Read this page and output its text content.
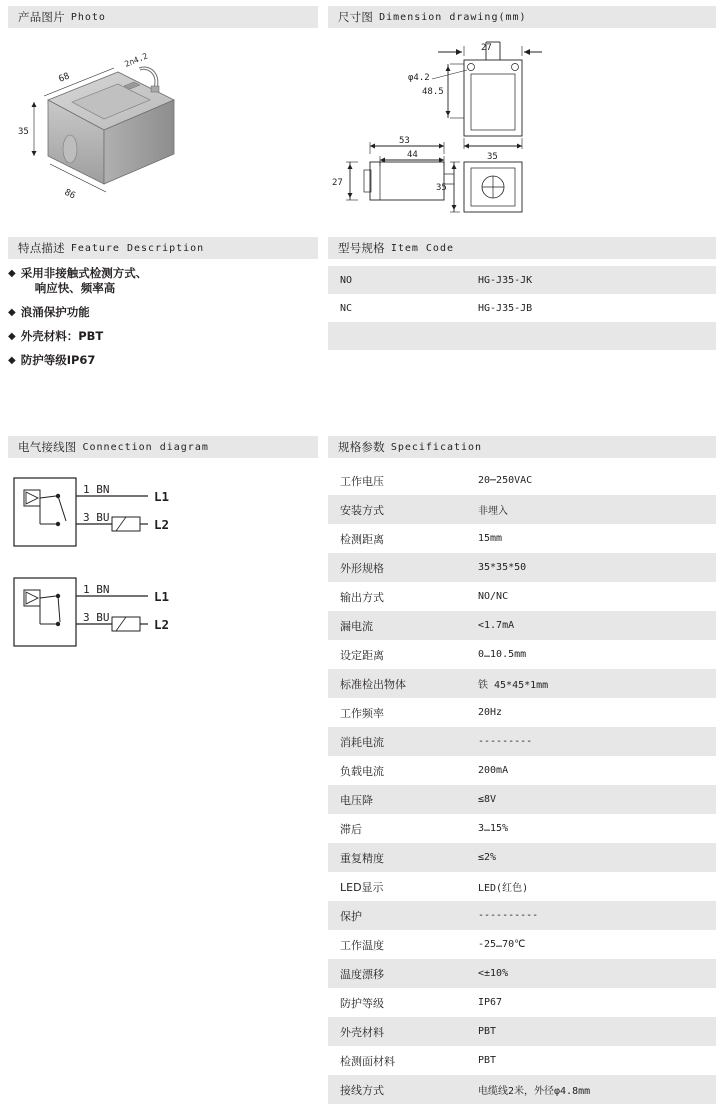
产品图片 Photo	尺寸图 Dimension drawing(mm)
68
2∩4.2
35
86
27
φ4.2
48.5
53
44
27
35
35
特点描述 Feature Description	型号规格 Item Code
◆ 采用非接触式检测方式、
响应快、频率高
◆ 浪涌保护功能
◆ 外壳材料：PBT
◆ 防护等级IP67
NO	HG-J35-JK
NC	HG-J35-JB
电气接线图 Connection diagram	规格参数 Specification
1 BN
3 BU
1 BN
3 BU
L1
L2
L1
L2
工作电压	20⋯250VAC
安装方式	非埋入
检测距离	15mm
外形规格	35*35*50
输出方式	NO/NC
漏电流	<1.7mA
设定距离	0…10.5mm
标准检出物体	铁 45*45*1mm
工作频率	20Hz
消耗电流	---------
负载电流	200mA
电压降	≤8V
滞后	3…15%
重复精度	≤2%
LED显示	LED(红色)
保护	----------
工作温度	-25…70℃
温度漂移	<±10%
防护等级	IP67
外壳材料	PBT
检测面材料	PBT
接线方式	电缆线2米，外径φ4.8mm
